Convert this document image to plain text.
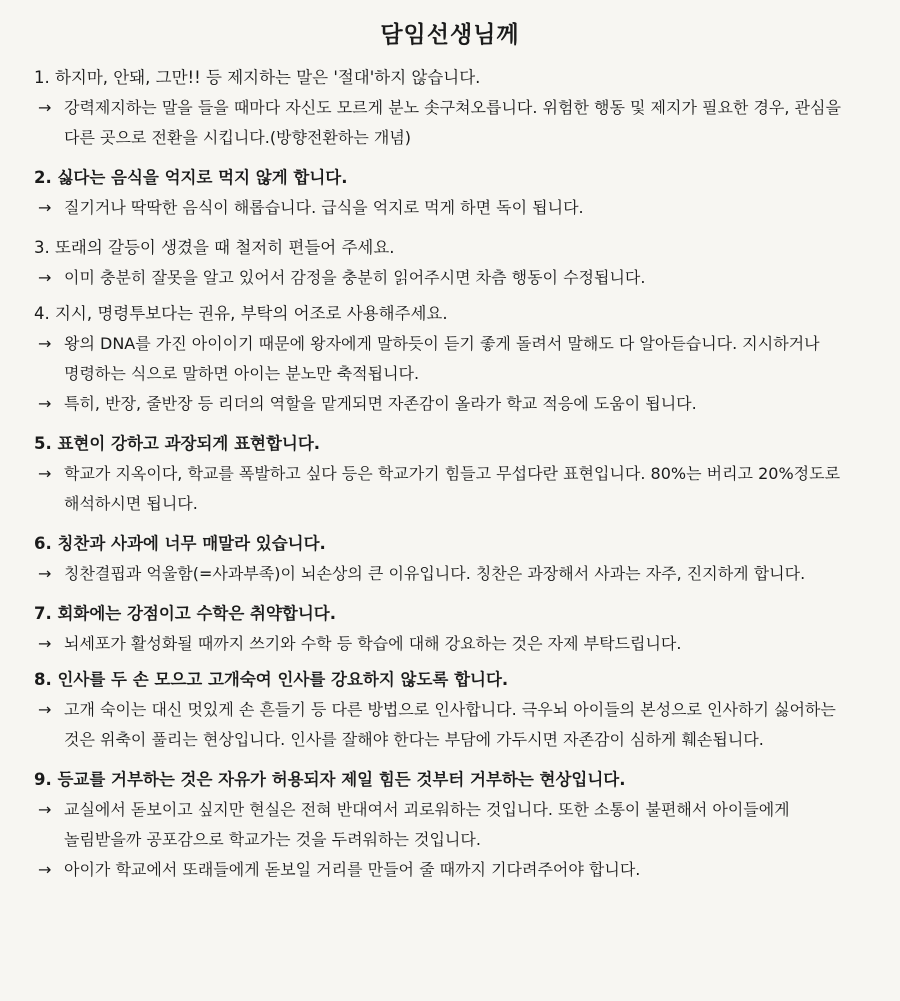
담임선생님께
1. 하지마, 안돼, 그만!! 등 제지하는 말은 '절대'하지 않습니다.
→ 강력제지하는 말을 들을 때마다 자신도 모르게 분노 솟구쳐오릅니다. 위험한 행동 및 제지가 필요한 경우, 관심을 다른 곳으로 전환을 시킵니다.(방향전환하는 개념)
2. 싫다는 음식을 억지로 먹지 않게 합니다.
→ 질기거나 딱딱한 음식이 해롭습니다. 급식을 억지로 먹게 하면 독이 됩니다.
3. 또래의 갈등이 생겼을 때 철저히 편들어 주세요.
→ 이미 충분히 잘못을 알고 있어서 감정을 충분히 읽어주시면 차츰 행동이 수정됩니다.
4. 지시, 명령투보다는 권유, 부탁의 어조로 사용해주세요.
→ 왕의 DNA를 가진 아이이기 때문에 왕자에게 말하듯이 듣기 좋게 돌려서 말해도 다 알아듣습니다. 지시하거나 명령하는 식으로 말하면 아이는 분노만 축적됩니다.
→ 특히, 반장, 줄반장 등 리더의 역할을 맡게되면 자존감이 올라가 학교 적응에 도움이 됩니다.
5. 표현이 강하고 과장되게 표현합니다.
→ 학교가 지옥이다, 학교를 폭발하고 싶다 등은 학교가기 힘들고 무섭다란 표현입니다. 80%는 버리고 20%정도로 해석하시면 됩니다.
6. 칭찬과 사과에 너무 매말라 있습니다.
→ 칭찬결핍과 억울함(=사과부족)이 뇌손상의 큰 이유입니다. 칭찬은 과장해서 사과는 자주, 진지하게 합니다.
7. 회화에는 강점이고 수학은 취약합니다.
→ 뇌세포가 활성화될 때까지 쓰기와 수학 등 학습에 대해 강요하는 것은 자제 부탁드립니다.
8. 인사를 두 손 모으고 고개숙여 인사를 강요하지 않도록 합니다.
→ 고개 숙이는 대신 멋있게 손 흔들기 등 다른 방법으로 인사합니다. 극우뇌 아이들의 본성으로 인사하기 싫어하는 것은 위축이 풀리는 현상입니다. 인사를 잘해야 한다는 부담에 가두시면 자존감이 심하게 훼손됩니다.
9. 등교를 거부하는 것은 자유가 허용되자 제일 힘든 것부터 거부하는 현상입니다.
→ 교실에서 돋보이고 싶지만 현실은 전혀 반대여서 괴로워하는 것입니다. 또한 소통이 불편해서 아이들에게 놀림받을까 공포감으로 학교가는 것을 두려워하는 것입니다.
→ 아이가 학교에서 또래들에게 돋보일 거리를 만들어 줄 때까지 기다려주어야 합니다.
